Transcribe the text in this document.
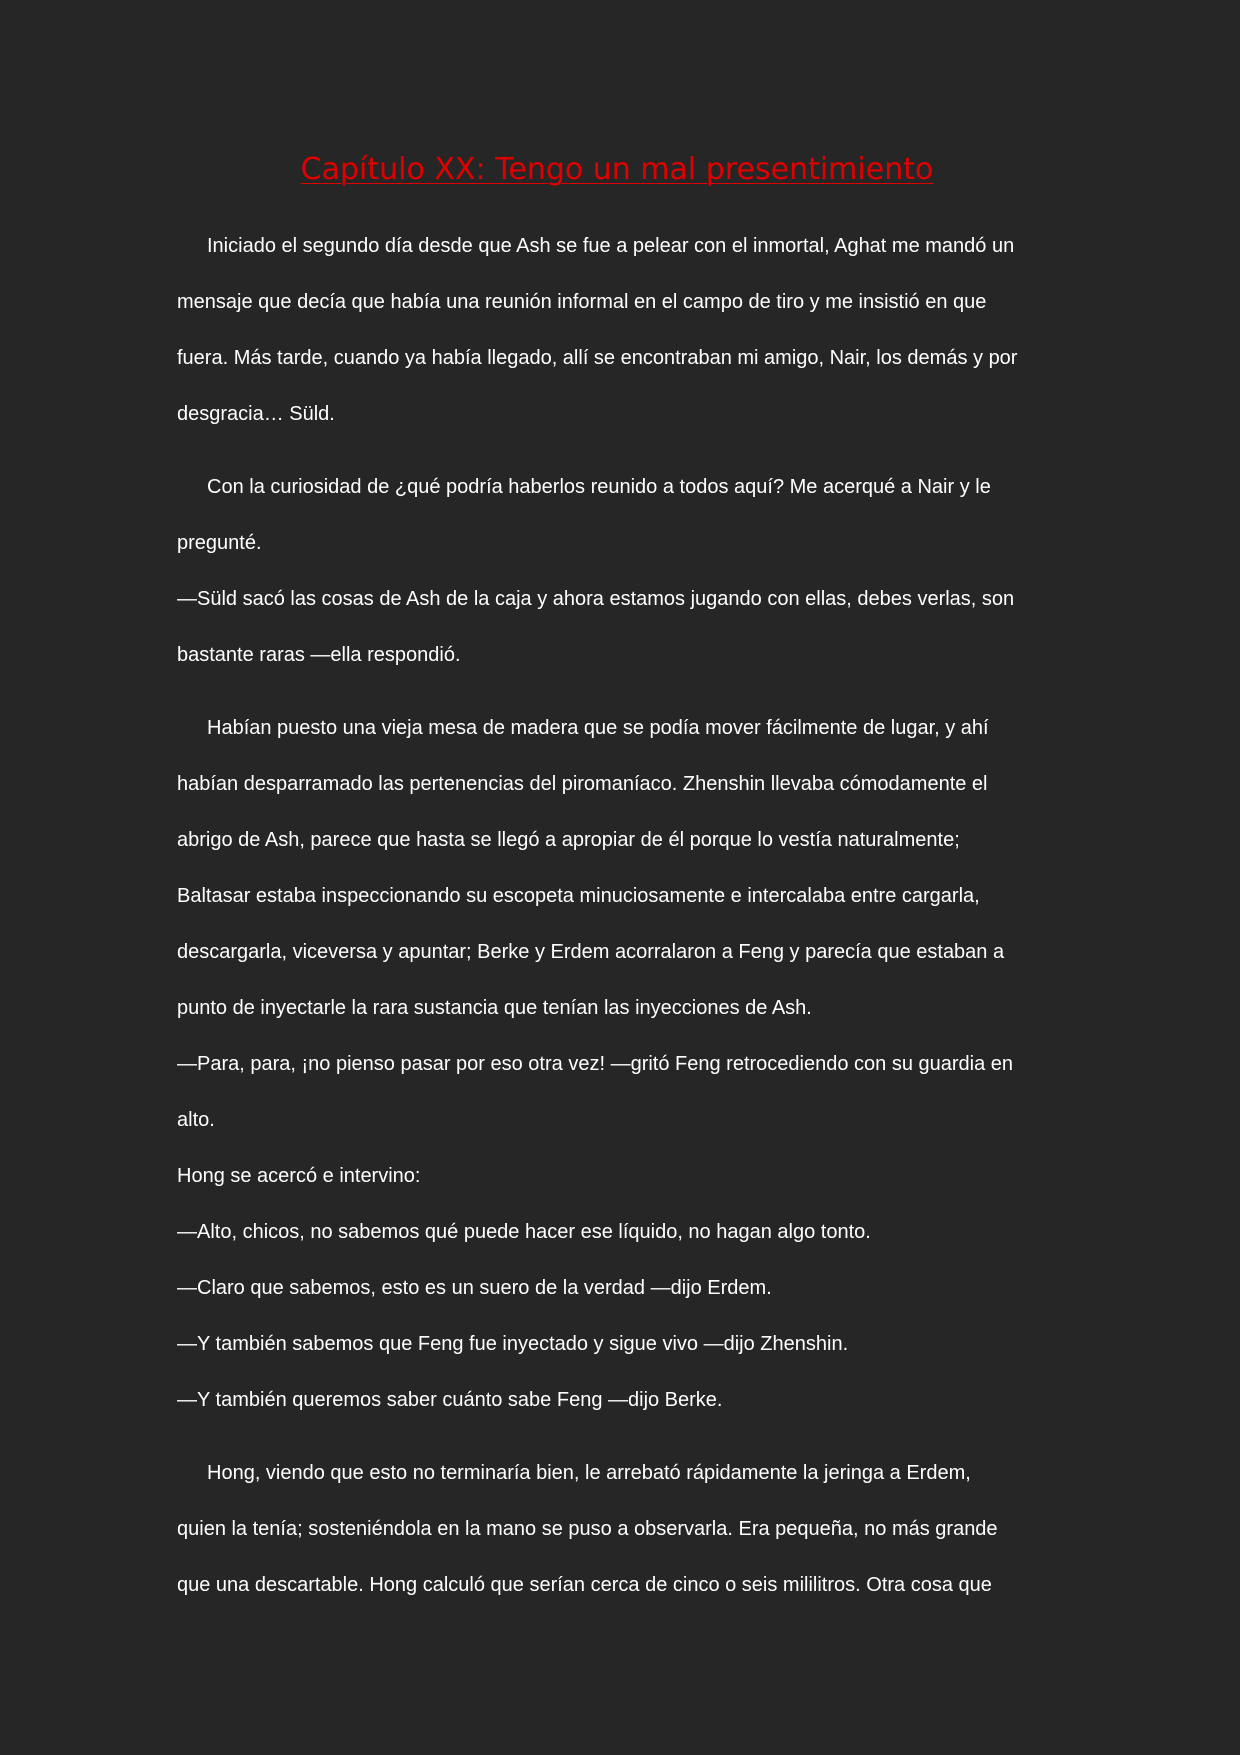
Capítulo XX: Tengo un mal presentimiento
Iniciado el segundo día desde que Ash se fue a pelear con el inmortal, Aghat me mandó un
mensaje que decía que había una reunión informal en el campo de tiro y me insistió en que
fuera. Más tarde, cuando ya había llegado, allí se encontraban mi amigo, Nair, los demás y por
desgracia… Süld.
Con la curiosidad de ¿qué podría haberlos reunido a todos aquí? Me acerqué a Nair y le
pregunté.
—Süld sacó las cosas de Ash de la caja y ahora estamos jugando con ellas, debes verlas, son
bastante raras —ella respondió.
Habían puesto una vieja mesa de madera que se podía mover fácilmente de lugar, y ahí
habían desparramado las pertenencias del piromaníaco. Zhenshin llevaba cómodamente el
abrigo de Ash, parece que hasta se llegó a apropiar de él porque lo vestía naturalmente;
Baltasar estaba inspeccionando su escopeta minuciosamente e intercalaba entre cargarla,
descargarla, viceversa y apuntar; Berke y Erdem acorralaron a Feng y parecía que estaban a
punto de inyectarle la rara sustancia que tenían las inyecciones de Ash.
—Para, para, ¡no pienso pasar por eso otra vez! —gritó Feng retrocediendo con su guardia en
alto.
Hong se acercó e intervino:
—Alto, chicos, no sabemos qué puede hacer ese líquido, no hagan algo tonto.
—Claro que sabemos, esto es un suero de la verdad —dijo Erdem.
—Y también sabemos que Feng fue inyectado y sigue vivo —dijo Zhenshin.
—Y también queremos saber cuánto sabe Feng —dijo Berke.
Hong, viendo que esto no terminaría bien, le arrebató rápidamente la jeringa a Erdem,
quien la tenía; sosteniéndola en la mano se puso a observarla. Era pequeña, no más grande
que una descartable. Hong calculó que serían cerca de cinco o seis mililitros. Otra cosa que
